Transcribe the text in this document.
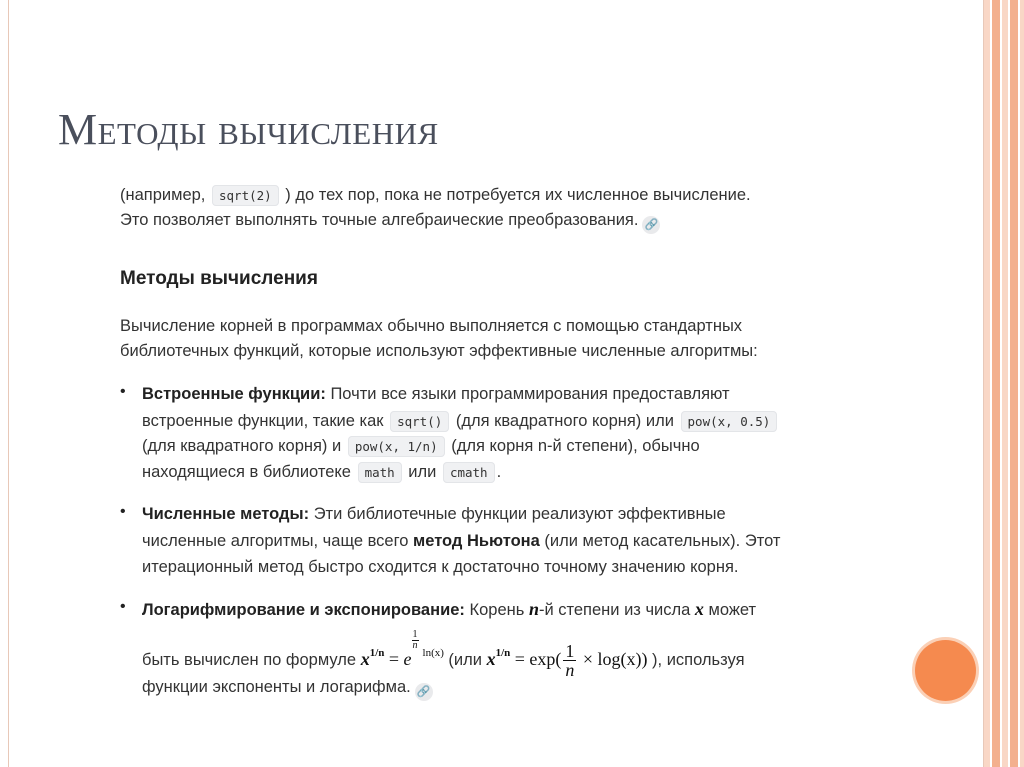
Методы вычисления
(например, sqrt(2) ) до тех пор, пока не потребуется их численное вычисление.
Это позволяет выполнять точные алгебраические преобразования. 🔗
Методы вычисления
Вычисление корней в программах обычно выполняется с помощью стандартных
библиотечных функций, которые используют эффективные численные алгоритмы:
• Встроенные функции: Почти все языки программирования предоставляют
встроенные функции, такие как sqrt() (для квадратного корня) или pow(x, 0.5)
(для квадратного корня) и pow(x, 1/n) (для корня n-й степени), обычно
находящиеся в библиотеке math или cmath .
• Численные методы: Эти библиотечные функции реализуют эффективные
численные алгоритмы, чаще всего метод Ньютона (или метод касательных). Этот
итерационный метод быстро сходится к достаточно точному значению корня.
• Логарифмирование и экспонирование: Корень n-й степени из числа x может
быть вычислен по формуле $x^{1/n} = e$
$^{\frac{1}{n} ln(x)}$ (или $x^{1/n} = \exp( \frac{1}{n} \times \log(x))$ ), используя
функции экспоненты и логарифма. 🔗
